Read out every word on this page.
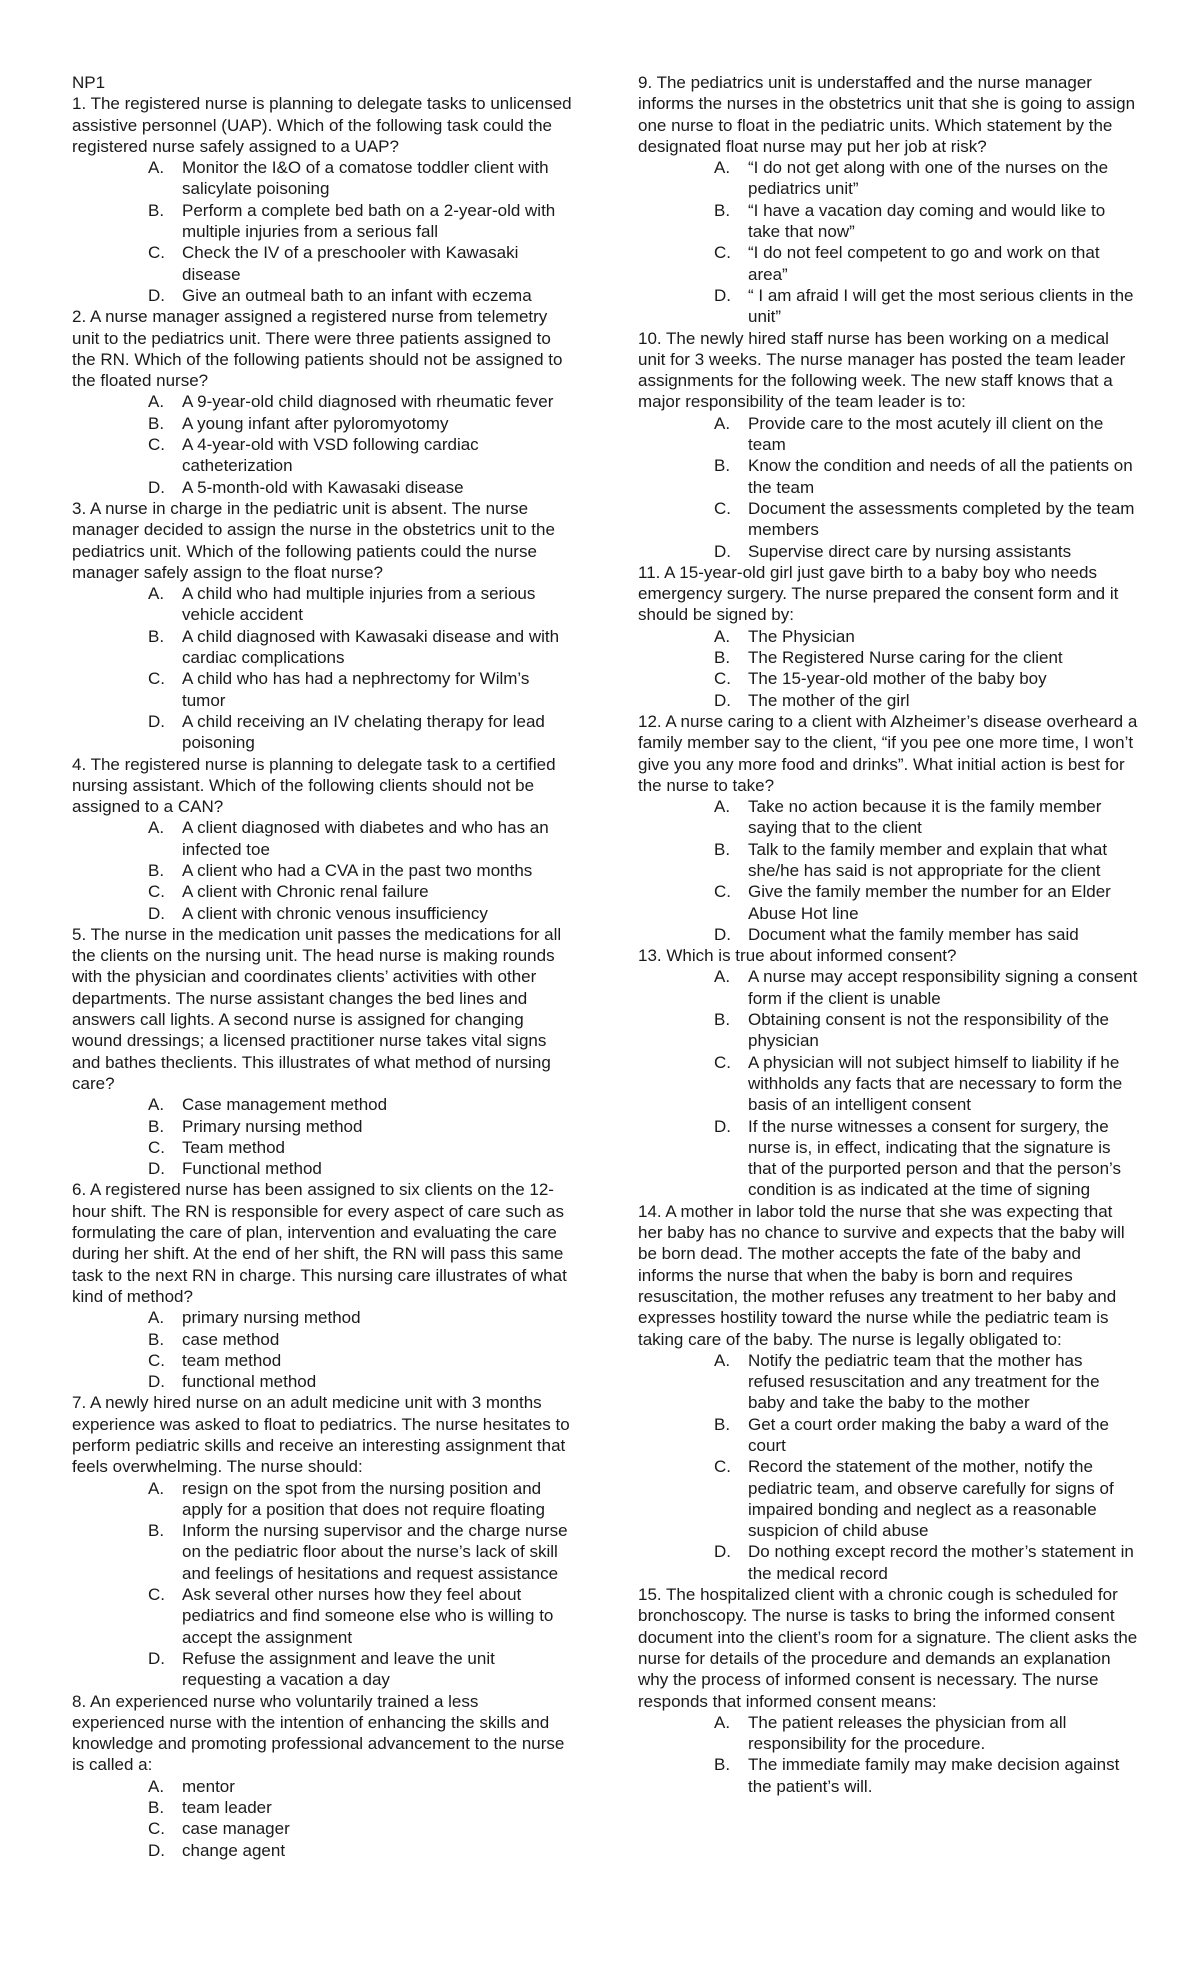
NP1

1. The registered nurse is planning to delegate tasks to unlicensed assistive personnel (UAP). Which of the following task could the registered nurse safely assigned to a UAP?

A. Monitor the I&O of a comatose toddler client with salicylate poisoning
B. Perform a complete bed bath on a 2-year-old with multiple injuries from a serious fall
C. Check the IV of a preschooler with Kawasaki disease
D. Give an outmeal bath to an infant with eczema

2. A nurse manager assigned a registered nurse from telemetry unit to the pediatrics unit. There were three patients assigned to the RN. Which of the following patients should not be assigned to the floated nurse?

A. A 9-year-old child diagnosed with rheumatic fever
B. A young infant after pyloromyotomy
C. A 4-year-old with VSD following cardiac catheterization
D. A 5-month-old with Kawasaki disease

3. A nurse in charge in the pediatric unit is absent. The nurse manager decided to assign the nurse in the obstetrics unit to the pediatrics unit. Which of the following patients could the nurse manager safely assign to the float nurse?

A. A child who had multiple injuries from a serious vehicle accident
B. A child diagnosed with Kawasaki disease and with cardiac complications
C. A child who has had a nephrectomy for Wilm’s tumor
D. A child receiving an IV chelating therapy for lead poisoning

4. The registered nurse is planning to delegate task to a certified nursing assistant. Which of the following clients should not be assigned to a CAN?

A. A client diagnosed with diabetes and who has an infected toe
B. A client who had a CVA in the past two months
C. A client with Chronic renal failure
D. A client with chronic venous insufficiency

5. The nurse in the medication unit passes the medications for all the clients on the nursing unit. The head nurse is making rounds with the physician and coordinates clients’ activities with other departments. The nurse assistant changes the bed lines and answers call lights. A second nurse is assigned for changing wound dressings; a licensed practitioner nurse takes vital signs and bathes theclients. This illustrates of what method of nursing care?

A. Case management method
B. Primary nursing method
C. Team method
D. Functional method

6. A registered nurse has been assigned to six clients on the 12-hour shift. The RN is responsible for every aspect of care such as formulating the care of plan, intervention and evaluating the care during her shift. At the end of her shift, the RN will pass this same task to the next RN in charge. This nursing care illustrates of what kind of method?

A. primary nursing method
B. case method
C. team method
D. functional method

7. A newly hired nurse on an adult medicine unit with 3 months experience was asked to float to pediatrics. The nurse hesitates to perform pediatric skills and receive an interesting assignment that feels overwhelming. The nurse should:

A. resign on the spot from the nursing position and apply for a position that does not require floating
B. Inform the nursing supervisor and the charge nurse on the pediatric floor about the nurse’s lack of skill and feelings of hesitations and request assistance
C. Ask several other nurses how they feel about pediatrics and find someone else who is willing to accept the assignment
D. Refuse the assignment and leave the unit requesting a vacation a day

8. An experienced nurse who voluntarily trained a less experienced nurse with the intention of enhancing the skills and knowledge and promoting professional advancement to the nurse is called a:

A. mentor
B. team leader
C. case manager
D. change agent

9. The pediatrics unit is understaffed and the nurse manager informs the nurses in the obstetrics unit that she is going to assign one nurse to float in the pediatric units. Which statement by the designated float nurse may put her job at risk?

A. “I do not get along with one of the nurses on the pediatrics unit”
B. “I have a vacation day coming and would like to take that now”
C. “I do not feel competent to go and work on that area”
D. “ I am afraid I will get the most serious clients in the unit”

10. The newly hired staff nurse has been working on a medical unit for 3 weeks. The nurse manager has posted the team leader assignments for the following week. The new staff knows that a major responsibility of the team leader is to:

A. Provide care to the most acutely ill client on the team
B. Know the condition and needs of all the patients on the team
C. Document the assessments completed by the team members
D. Supervise direct care by nursing assistants

11. A 15-year-old girl just gave birth to a baby boy who needs emergency surgery. The nurse prepared the consent form and it should be signed by:

A. The Physician
B. The Registered Nurse caring for the client
C. The 15-year-old mother of the baby boy
D. The mother of the girl

12. A nurse caring to a client with Alzheimer’s disease overheard a family member say to the client, “if you pee one more time, I won’t give you any more food and drinks”. What initial action is best for the nurse to take?

A. Take no action because it is the family member saying that to the client
B. Talk to the family member and explain that what she/he has said is not appropriate for the client
C. Give the family member the number for an Elder Abuse Hot line
D. Document what the family member has said

13. Which is true about informed consent?

A. A nurse may accept responsibility signing a consent form if the client is unable
B. Obtaining consent is not the responsibility of the physician
C. A physician will not subject himself to liability if he withholds any facts that are necessary to form the basis of an intelligent consent
D. If the nurse witnesses a consent for surgery, the nurse is, in effect, indicating that the signature is that of the purported person and that the person’s condition is as indicated at the time of signing

14. A mother in labor told the nurse that she was expecting that her baby has no chance to survive and expects that the baby will be born dead. The mother accepts the fate of the baby and informs the nurse that when the baby is born and requires resuscitation, the mother refuses any treatment to her baby and expresses hostility toward the nurse while the pediatric team is taking care of the baby. The nurse is legally obligated to:

A. Notify the pediatric team that the mother has refused resuscitation and any treatment for the baby and take the baby to the mother
B. Get a court order making the baby a ward of the court
C. Record the statement of the mother, notify the pediatric team, and observe carefully for signs of impaired bonding and neglect as a reasonable suspicion of child abuse
D. Do nothing except record the mother’s statement in the medical record

15. The hospitalized client with a chronic cough is scheduled for bronchoscopy. The nurse is tasks to bring the informed consent document into the client’s room for a signature. The client asks the nurse for details of the procedure and demands an explanation why the process of informed consent is necessary. The nurse responds that informed consent means:

A. The patient releases the physician from all responsibility for the procedure.
B. The immediate family may make decision against the patient’s will.
